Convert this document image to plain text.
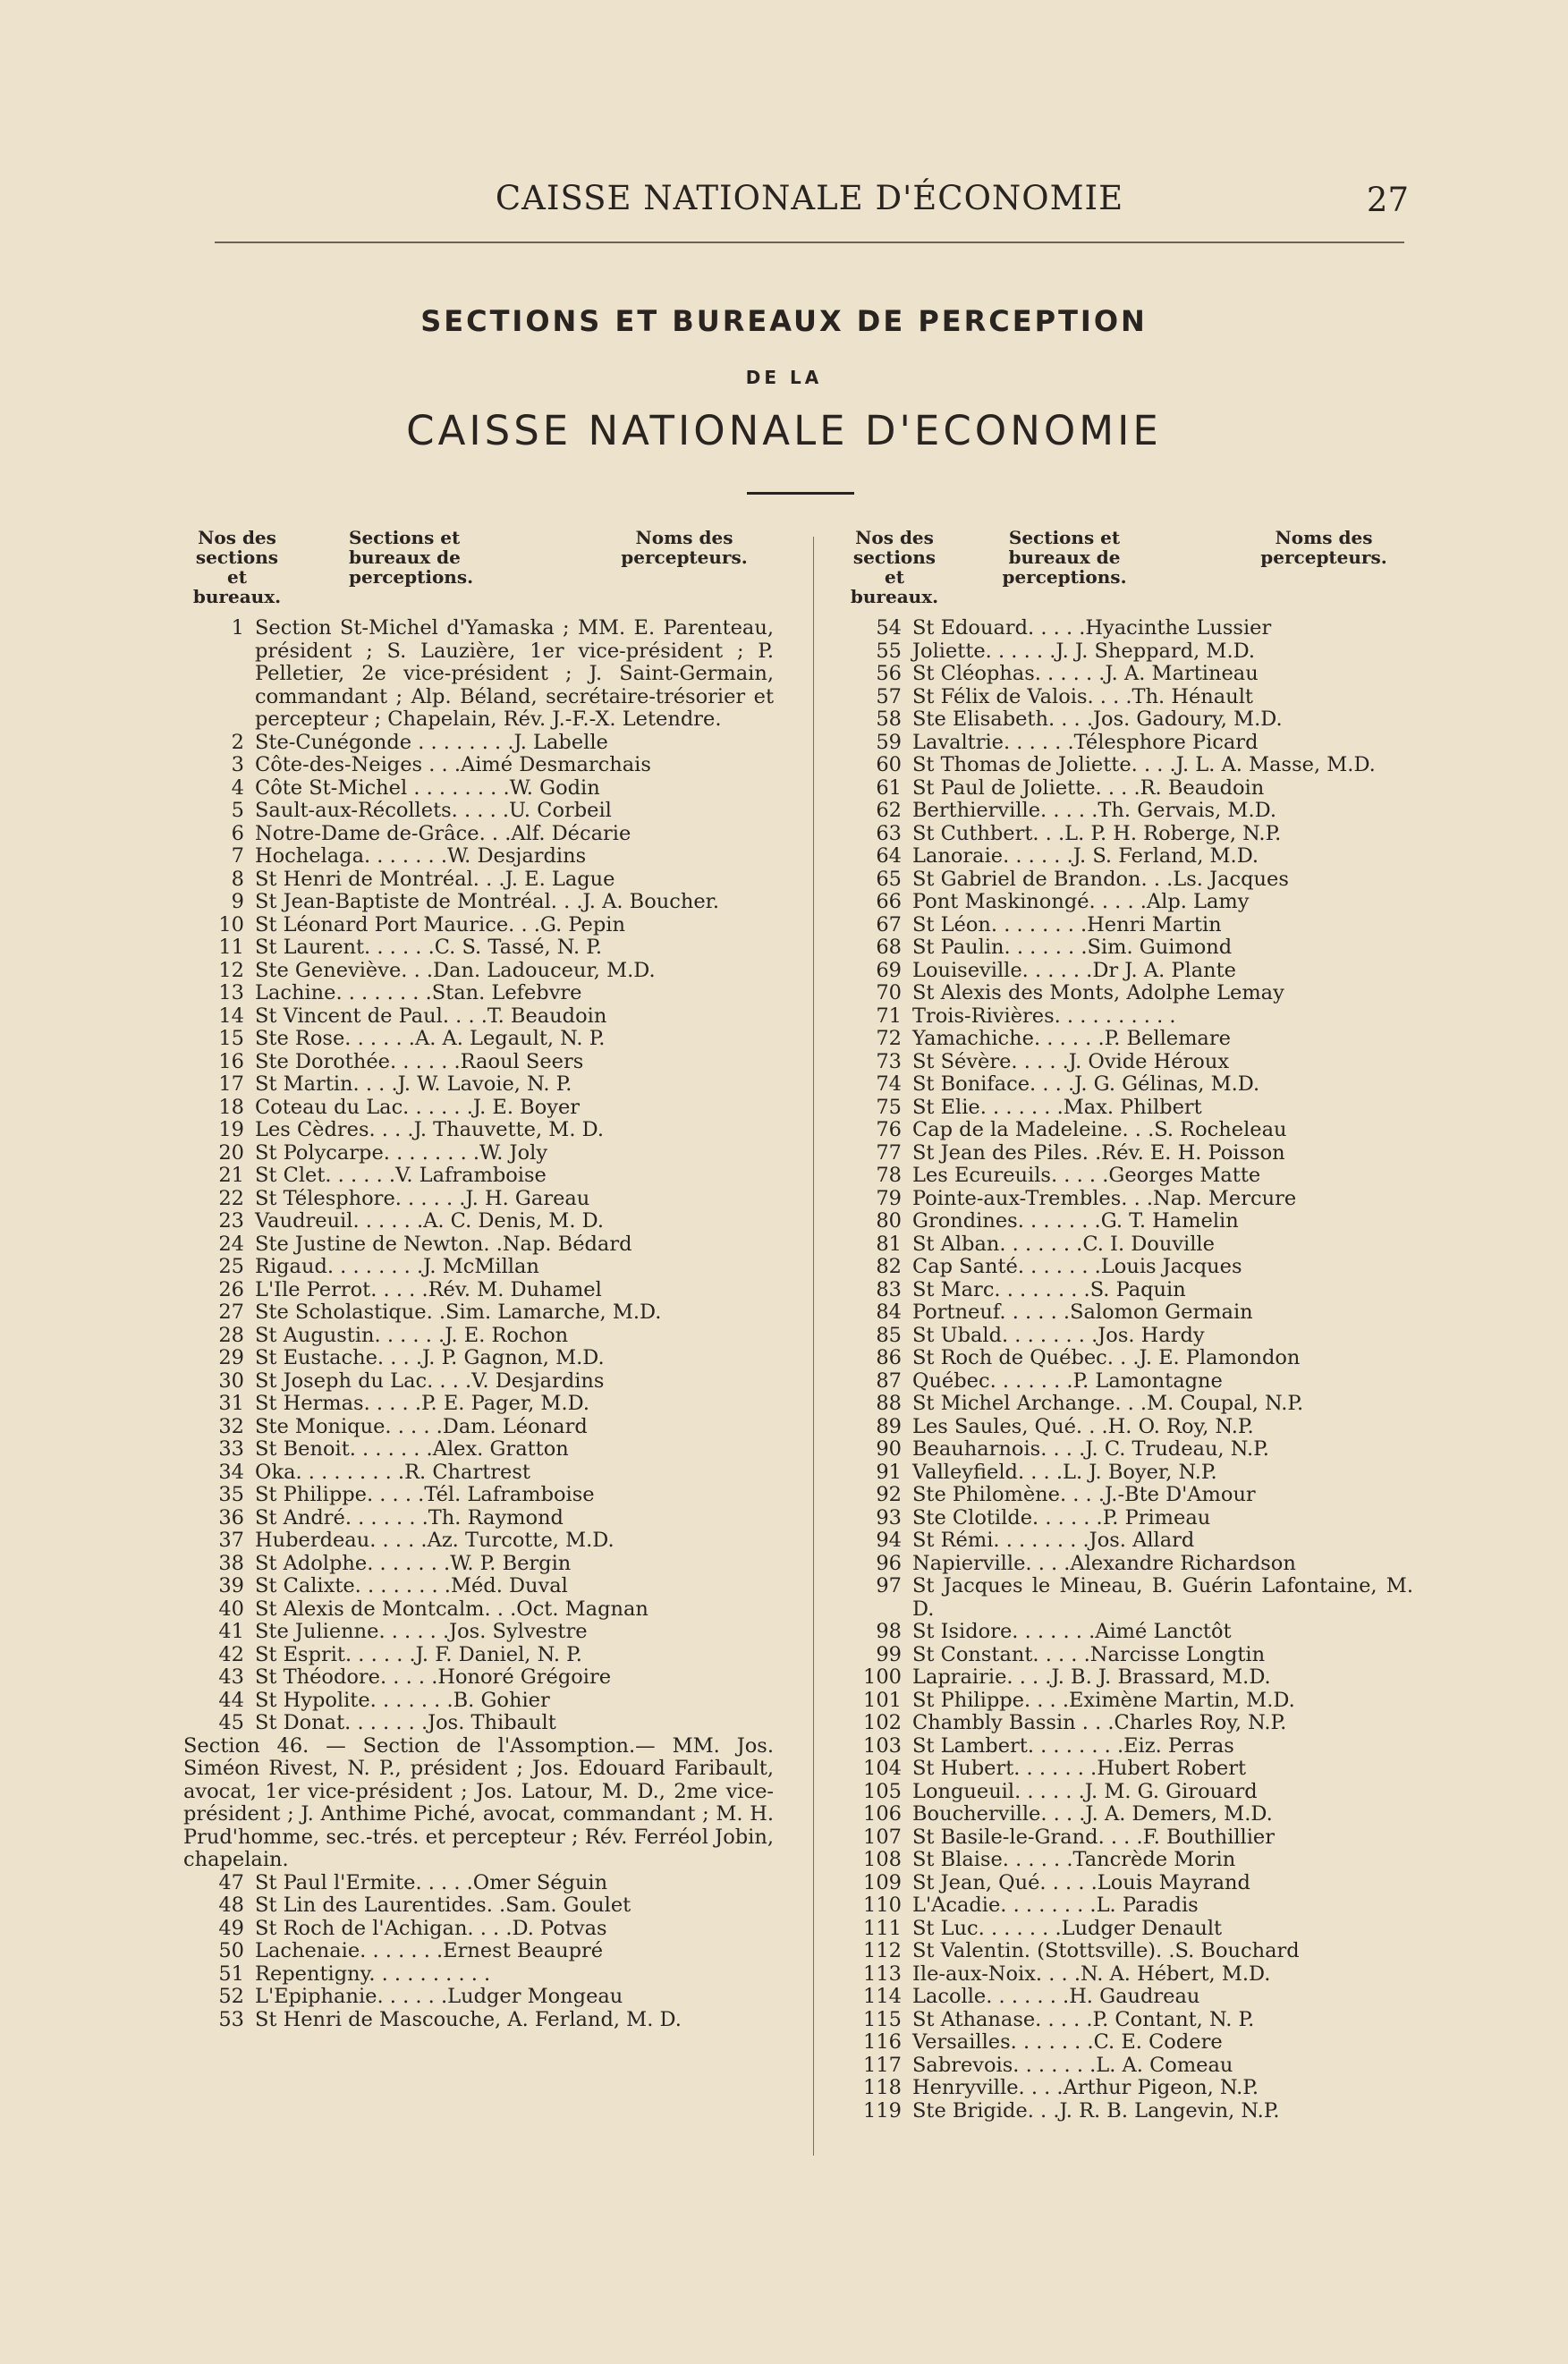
CAISSE NATIONALE D'ÉCONOMIE	27
SECTIONS ET BUREAUX DE PERCEPTION
DE LA
CAISSE NATIONALE D'ECONOMIE
Nos des sections et bureaux.
Sections et bureaux de perceptions.
Noms des percepteurs.
1 Section St-Michel d'Yamaska ; MM. E. Parenteau, président ; S. Lauzière, 1er vice-président ; P. Pelletier, 2e vice-président ; J. Saint-Germain, commandant ; Alp. Béland, secrétaire-trésorier et percepteur ; Chapelain, Rév. J.-F.-X. Letendre.
2 Ste-Cunégonde . . . . . . . .J. Labelle
3 Côte-des-Neiges . . .Aimé Desmarchais
4 Côte St-Michel . . . . . . . .W. Godin
5 Sault-aux-Récollets. . . . .U. Corbeil
6 Notre-Dame de-Grâce. . .Alf. Décarie
7 Hochelaga. . . . . . .W. Desjardins
8 St Henri de Montréal. . .J. E. Lague
9 St Jean-Baptiste de Montréal. . .J. A. Boucher.
10 St Léonard Port Maurice. . .G. Pepin
11 St Laurent. . . . . .C. S. Tassé, N. P.
12 Ste Geneviève. . .Dan. Ladouceur, M.D.
13 Lachine. . . . . . . .Stan. Lefebvre
14 St Vincent de Paul. . . .T. Beaudoin
15 Ste Rose. . . . . .A. A. Legault, N. P.
16 Ste Dorothée. . . . . .Raoul Seers
17 St Martin. . . .J. W. Lavoie, N. P.
18 Coteau du Lac. . . . . .J. E. Boyer
19 Les Cèdres. . . .J. Thauvette, M. D.
20 St Polycarpe. . . . . . . .W. Joly
21 St Clet. . . . . .V. Laframboise
22 St Télesphore. . . . . .J. H. Gareau
23 Vaudreuil. . . . . .A. C. Denis, M. D.
24 Ste Justine de Newton. .Nap. Bédard
25 Rigaud. . . . . . . .J. McMillan
26 L'Ile Perrot. . . . .Rév. M. Duhamel
27 Ste Scholastique. .Sim. Lamarche, M.D.
28 St Augustin. . . . . .J. E. Rochon
29 St Eustache. . . .J. P. Gagnon, M.D.
30 St Joseph du Lac. . . .V. Desjardins
31 St Hermas. . . . .P. E. Pager, M.D.
32 Ste Monique. . . . .Dam. Léonard
33 St Benoit. . . . . . .Alex. Gratton
34 Oka. . . . . . . . .R. Chartrest
35 St Philippe. . . . .Tél. Laframboise
36 St André. . . . . . .Th. Raymond
37 Huberdeau. . . . .Az. Turcotte, M.D.
38 St Adolphe. . . . . . .W. P. Bergin
39 St Calixte. . . . . . . .Méd. Duval
40 St Alexis de Montcalm. . .Oct. Magnan
41 Ste Julienne. . . . . .Jos. Sylvestre
42 St Esprit. . . . . .J. F. Daniel, N. P.
43 St Théodore. . . . .Honoré Grégoire
44 St Hypolite. . . . . . .B. Gohier
45 St Donat. . . . . . .Jos. Thibault
Section 46. — Section de l'Assomption.— MM. Jos. Siméon Rivest, N. P., président ; Jos. Edouard Faribault, avocat, 1er vice-président ; Jos. Latour, M. D., 2me vice-président ; J. Anthime Piché, avocat, commandant ; M. H. Prud'homme, sec.-trés. et percepteur ; Rév. Ferréol Jobin, chapelain.
47 St Paul l'Ermite. . . . .Omer Séguin
48 St Lin des Laurentides. .Sam. Goulet
49 St Roch de l'Achigan. . . .D. Potvas
50 Lachenaie. . . . . . .Ernest Beaupré
51 Repentigny. . . . . . . . . .
52 L'Epiphanie. . . . . .Ludger Mongeau
53 St Henri de Mascouche, A. Ferland, M. D.
Nos des sections et bureaux.
Sections et bureaux de perceptions.
Noms des percepteurs.
54 St Edouard. . . . .Hyacinthe Lussier
55 Joliette. . . . . .J. J. Sheppard, M.D.
56 St Cléophas. . . . . .J. A. Martineau
57 St Félix de Valois. . . .Th. Hénault
58 Ste Elisabeth. . . .Jos. Gadoury, M.D.
59 Lavaltrie. . . . . .Télesphore Picard
60 St Thomas de Joliette. . . .J. L. A. Masse, M.D.
61 St Paul de Joliette. . . .R. Beaudoin
62 Berthierville. . . . .Th. Gervais, M.D.
63 St Cuthbert. . .L. P. H. Roberge, N.P.
64 Lanoraie. . . . . .J. S. Ferland, M.D.
65 St Gabriel de Brandon. . .Ls. Jacques
66 Pont Maskinongé. . . . .Alp. Lamy
67 St Léon. . . . . . . .Henri Martin
68 St Paulin. . . . . . .Sim. Guimond
69 Louiseville. . . . . .Dr J. A. Plante
70 St Alexis des Monts, Adolphe Lemay
71 Trois-Rivières. . . . . . . . . .
72 Yamachiche. . . . . .P. Bellemare
73 St Sévère. . . . .J. Ovide Héroux
74 St Boniface. . . .J. G. Gélinas, M.D.
75 St Elie. . . . . . .Max. Philbert
76 Cap de la Madeleine. . .S. Rocheleau
77 St Jean des Piles. .Rév. E. H. Poisson
78 Les Ecureuils. . . . .Georges Matte
79 Pointe-aux-Trembles. . .Nap. Mercure
80 Grondines. . . . . . .G. T. Hamelin
81 St Alban. . . . . . .C. I. Douville
82 Cap Santé. . . . . . .Louis Jacques
83 St Marc. . . . . . . .S. Paquin
84 Portneuf. . . . . .Salomon Germain
85 St Ubald. . . . . . . .Jos. Hardy
86 St Roch de Québec. . .J. E. Plamondon
87 Québec. . . . . . .P. Lamontagne
88 St Michel Archange. . .M. Coupal, N.P.
89 Les Saules, Qué. . .H. O. Roy, N.P.
90 Beauharnois. . . .J. C. Trudeau, N.P.
91 Valleyfield. . . .L. J. Boyer, N.P.
92 Ste Philomène. . . .J.-Bte D'Amour
93 Ste Clotilde. . . . . .P. Primeau
94 St Rémi. . . . . . . .Jos. Allard
96 Napierville. . . .Alexandre Richardson
97 St Jacques le Mineau, B. Guérin Lafontaine, M. D.
98 St Isidore. . . . . . .Aimé Lanctôt
99 St Constant. . . . .Narcisse Longtin
100 Laprairie. . . .J. B. J. Brassard, M.D.
101 St Philippe. . . .Eximène Martin, M.D.
102 Chambly Bassin . . .Charles Roy, N.P.
103 St Lambert. . . . . . . .Eiz. Perras
104 St Hubert. . . . . . .Hubert Robert
105 Longueuil. . . . . .J. M. G. Girouard
106 Boucherville. . . .J. A. Demers, M.D.
107 St Basile-le-Grand. . . .F. Bouthillier
108 St Blaise. . . . . .Tancrède Morin
109 St Jean, Qué. . . . .Louis Mayrand
110 L'Acadie. . . . . . . .L. Paradis
111 St Luc. . . . . . .Ludger Denault
112 St Valentin. (Stottsville). .S. Bouchard
113 Ile-aux-Noix. . . .N. A. Hébert, M.D.
114 Lacolle. . . . . . .H. Gaudreau
115 St Athanase. . . . .P. Contant, N. P.
116 Versailles. . . . . . .C. E. Codere
117 Sabrevois. . . . . . .L. A. Comeau
118 Henryville. . . .Arthur Pigeon, N.P.
119 Ste Brigide. . .J. R. B. Langevin, N.P.
